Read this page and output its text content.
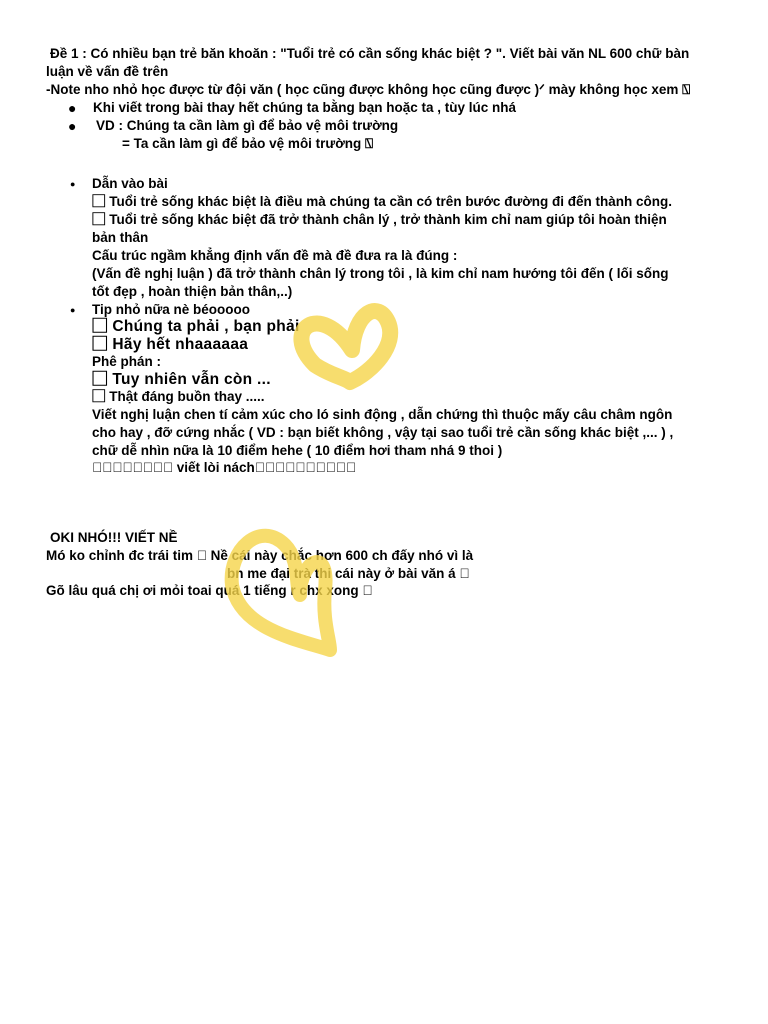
Đề 1 : Có nhiều bạn trẻ băn khoăn : "Tuổi trẻ có cần sống khác biệt ? ". Viết bài văn NL 600 chữ bàn
luận về vấn đề trên
-Note nho nhỏ học được từ đội văn ( học cũng được không học cũng được )ᐟ mày không học xem ⍂
● Khi viết trong bài thay hết chúng ta bằng bạn hoặc ta , tùy lúc nhá
● VD : Chúng ta cần làm gì để bảo vệ môi trường
= Ta cần làm gì để bảo vệ môi trường ⍂
● Dẫn vào bài
⃞ Tuổi trẻ sống khác biệt là điều mà chúng ta cần có trên bước đường đi đến thành công.
⃞ Tuổi trẻ sống khác biệt đã trở thành chân lý , trở thành kim chỉ nam giúp tôi hoàn thiện
bản thân
Cấu trúc ngầm khẳng định vấn đề mà đề đưa ra là đúng :
(Vấn đề nghị luận ) đã trở thành chân lý trong tôi , là kim chỉ nam hướng tôi đến ( lối sống
tốt đẹp , hoàn thiện bản thân,..)
● Tip nhỏ nữa nè béooooo
⃞ Chúng ta phải , bạn phải
⃞ Hãy hết nhaaaaaa
Phê phán :
⃞ Tuy nhiên vẫn còn ...
⃞ Thật đáng buồn thay .....
Viết nghị luận chen tí cảm xúc cho ló sinh động , dẫn chứng thì thuộc mấy câu châm ngôn
cho hay , đỡ cứng nhắc ( VD : bạn biết không , vậy tại sao tuổi trẻ cần sống khác biệt ,... ) ,
chữ dễ nhìn nữa là 10 điểm hehe ( 10 điểm hơi tham nhá 9 thoi )
⃞⃞⃞⃞⃞⃞⃞⃞ viết lòi nách⃞⃞⃞⃞⃞⃞⃞⃞⃞⃞
OKI NHÓ!!! VIẾT NỀ
Mó ko chỉnh đc trái tim ⃞ Nề cái này chắc hơn 600 ch đấy nhó vì là
bn me đại trà thi cái này ở bài văn á ⃞
Gõ lâu quá chị ơi mỏi toai quá 1 tiếng r chx xong ⃞
